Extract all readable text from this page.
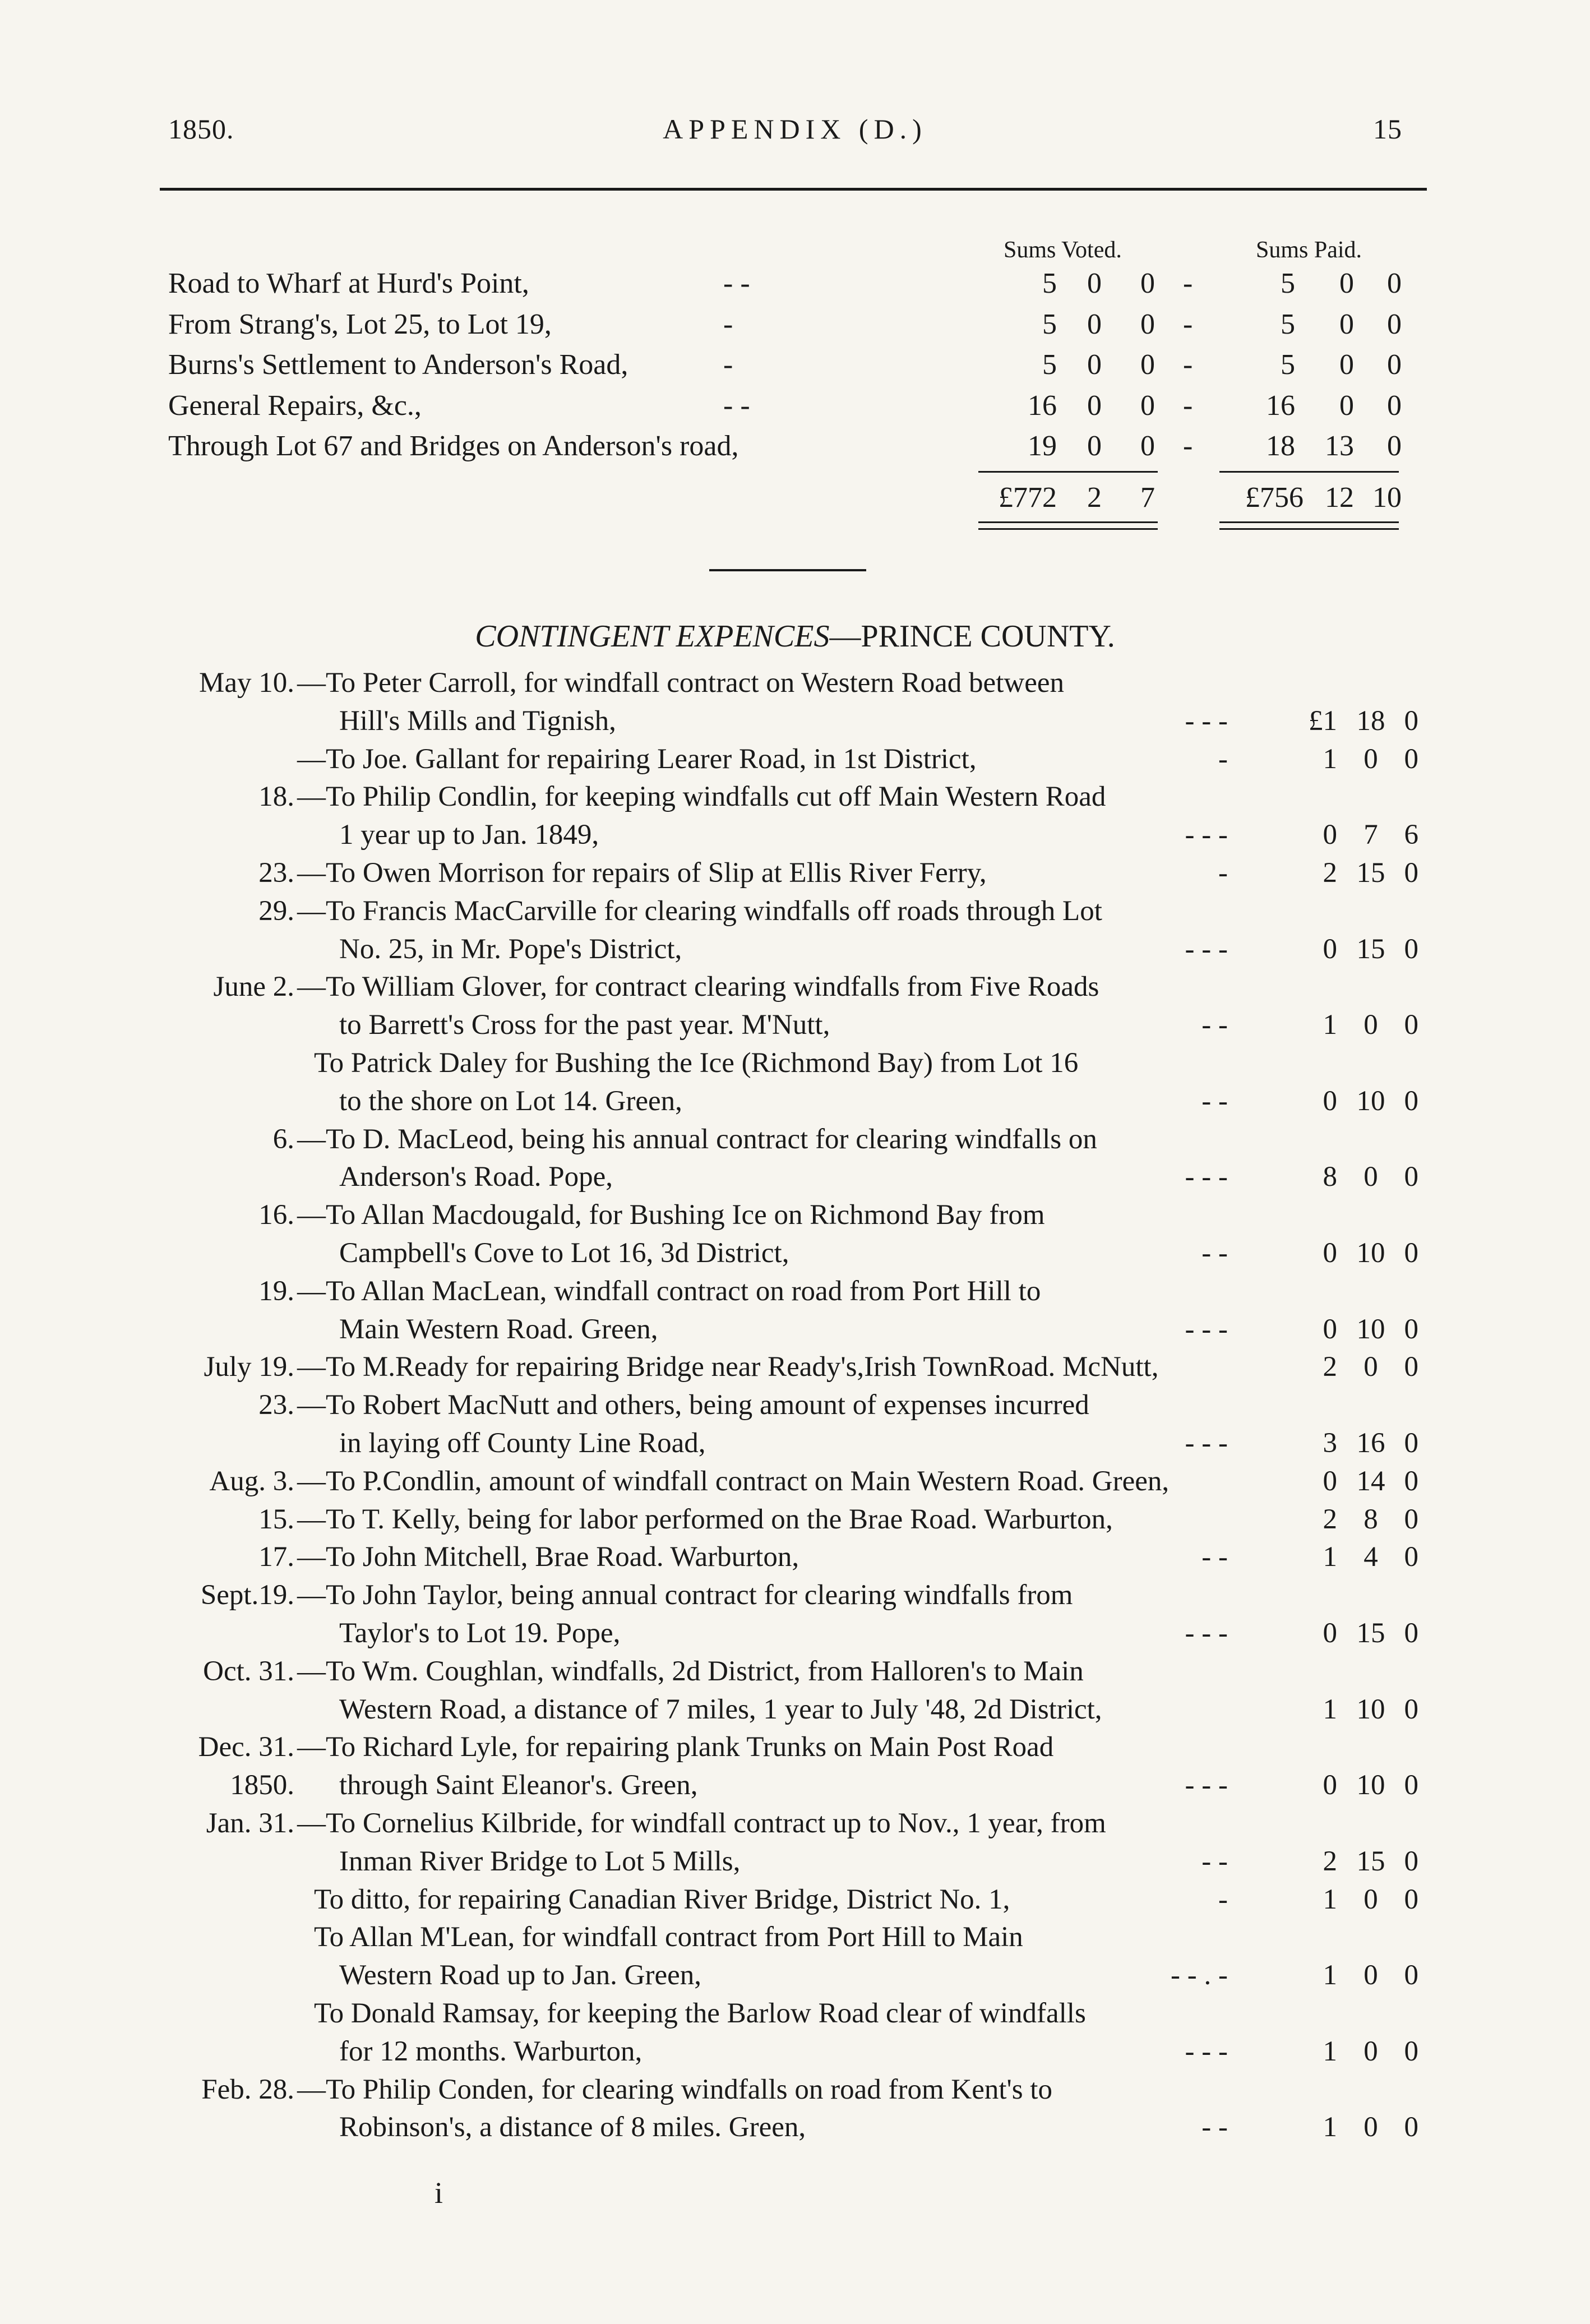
1850.	APPENDIX (D.)	15
Sums Voted.	Sums Paid.
Road to Wharf at Hurd's Point,	- -	5	0	0 -	5	0	0
From Strang's, Lot 25, to Lot 19,	-	5	0	0 -	5	0	0
Burns's Settlement to Anderson's Road,	-	5	0	0 -	5	0	0
General Repairs, &c.,	- -	16	0	0 -	16	0	0
Through Lot 67 and Bridges on Anderson's road,	19	0	0 -	18	13	0
£772	2	7	£756 12 10
CONTINGENT EXPENCES—PRINCE COUNTY.
May 10. —To Peter Carroll, for windfall contract on Western Road between
Hill's Mills and Tignish,	- - -	£1 18 0
—To Joe. Gallant for repairing Learer Road, in 1st District,	-	1 0 0
18. —To Philip Condlin, for keeping windfalls cut off Main Western Road
1 year up to Jan. 1849,	- - -	0 7 6
23. —To Owen Morrison for repairs of Slip at Ellis River Ferry,	-	2 15 0
29. —To Francis MacCarville for clearing windfalls off roads through Lot
No. 25, in Mr. Pope's District,	- - -	0 15 0
June 2. —To William Glover, for contract clearing windfalls from Five Roads
to Barrett's Cross for the past year. M'Nutt,	- -	1 0 0
To Patrick Daley for Bushing the Ice (Richmond Bay) from Lot 16
to the shore on Lot 14. Green,	- -	0 10 0
6. —To D. MacLeod, being his annual contract for clearing windfalls on
Anderson's Road. Pope,	- - -	8 0 0
16. —To Allan Macdougald, for Bushing Ice on Richmond Bay from
Campbell's Cove to Lot 16, 3d District,	- -	0 10 0
19. —To Allan MacLean, windfall contract on road from Port Hill to
Main Western Road. Green,	- - -	0 10 0
July 19. —To M.Ready for repairing Bridge near Ready's,Irish TownRoad. McNutt,	2 0 0
23. —To Robert MacNutt and others, being amount of expenses incurred
in laying off County Line Road,	- - -	3 16 0
Aug. 3. —To P.Condlin, amount of windfall contract on Main Western Road. Green,	0 14 0
15. —To T. Kelly, being for labor performed on the Brae Road. Warburton,	2 8 0
17. —To John Mitchell, Brae Road. Warburton,	- -	1 4 0
Sept.19. —To John Taylor, being annual contract for clearing windfalls from
Taylor's to Lot 19. Pope,	- - -	0 15 0
Oct. 31. —To Wm. Coughlan, windfalls, 2d District, from Halloren's to Main
Western Road, a distance of 7 miles, 1 year to July '48, 2d District,	1 10 0
Dec. 31. —To Richard Lyle, for repairing plank Trunks on Main Post Road
1850. through Saint Eleanor's. Green,	- - -	0 10 0
Jan. 31. —To Cornelius Kilbride, for windfall contract up to Nov., 1 year, from
Inman River Bridge to Lot 5 Mills,	- -	2 15 0
To ditto, for repairing Canadian River Bridge, District No. 1,	-	1 0 0
To Allan M'Lean, for windfall contract from Port Hill to Main
Western Road up to Jan. Green,	- - . -	1 0 0
To Donald Ramsay, for keeping the Barlow Road clear of windfalls
for 12 months. Warburton,	- - -	1 0 0
Feb. 28. —To Philip Conden, for clearing windfalls on road from Kent's to
Robinson's, a distance of 8 miles. Green,	- -	1 0 0
i
